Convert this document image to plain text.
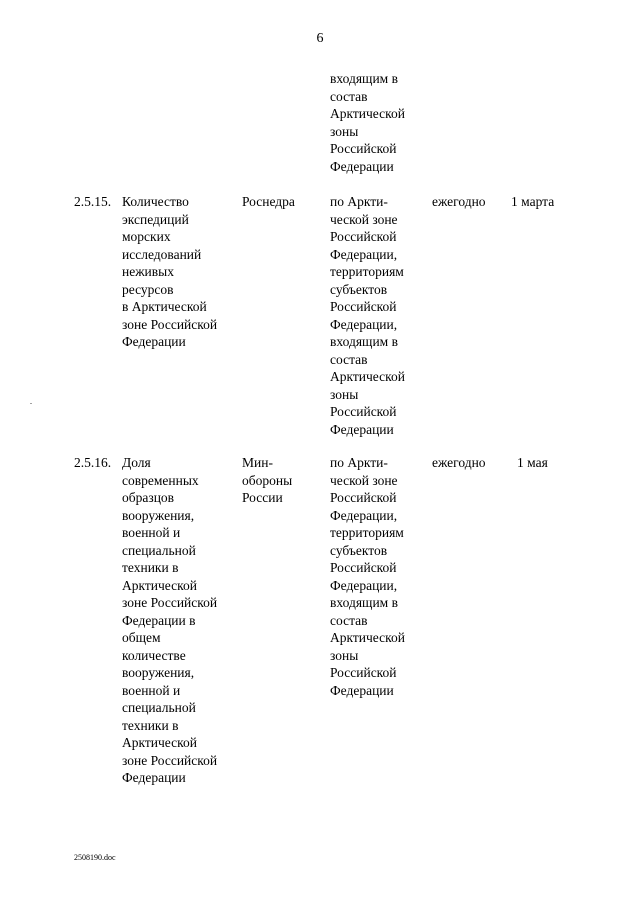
6
входящим в
состав
Арктической
зоны
Российской
Федерации
2.5.15. Количество
экспедиций
морских
исследований
неживых
ресурсов
в Арктической
зоне Российской
Федерации
Роснедра	по Аркти-
ческой зоне
Российской
Федерации,
территориям
субъектов
Российской
Федерации,
входящим в
состав
Арктической
зоны
Российской
Федерации
ежегодно 1 марта
.
2.5.16. Доля
современных
образцов
вооружения,
военной и
специальной
техники в
Арктической
зоне Российской
Федерации в
общем
количестве
вооружения,
военной и
специальной
техники в
Арктической
зоне Российской
Федерации
Мин-
обороны
России
по Аркти-
ческой зоне
Российской
Федерации,
территориям
субъектов
Российской
Федерации,
входящим в
состав
Арктической
зоны
Российской
Федерации
ежегодно 1 мая
2508190.doc
